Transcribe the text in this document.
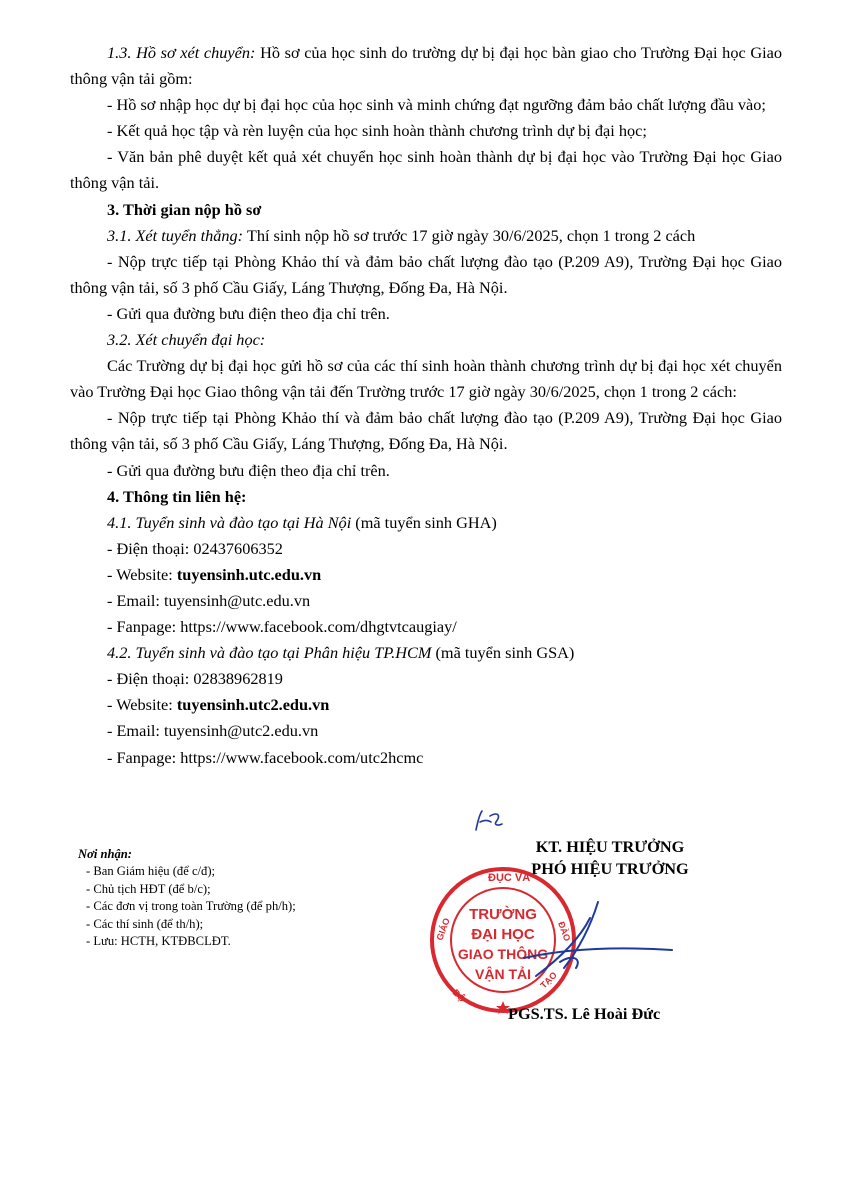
1.3. Hồ sơ xét chuyển: Hồ sơ của học sinh do trường dự bị đại học bàn giao cho Trường Đại học Giao thông vận tải gồm:

- Hồ sơ nhập học dự bị đại học của học sinh và minh chứng đạt ngưỡng đảm bảo chất lượng đầu vào;

- Kết quả học tập và rèn luyện của học sinh hoàn thành chương trình dự bị đại học;

- Văn bản phê duyệt kết quả xét chuyển học sinh hoàn thành dự bị đại học vào Trường Đại học Giao thông vận tải.

3. Thời gian nộp hồ sơ

3.1. Xét tuyển thẳng: Thí sinh nộp hồ sơ trước 17 giờ ngày 30/6/2025, chọn 1 trong 2 cách

- Nộp trực tiếp tại Phòng Khảo thí và đảm bảo chất lượng đào tạo (P.209 A9), Trường Đại học Giao thông vận tải, số 3 phố Cầu Giấy, Láng Thượng, Đống Đa, Hà Nội.

- Gửi qua đường bưu điện theo địa chỉ trên.

3.2. Xét chuyển đại học:

Các Trường dự bị đại học gửi hồ sơ của các thí sinh hoàn thành chương trình dự bị đại học xét chuyển vào Trường Đại học Giao thông vận tải đến Trường trước 17 giờ ngày 30/6/2025, chọn 1 trong 2 cách:

- Nộp trực tiếp tại Phòng Khảo thí và đảm bảo chất lượng đào tạo (P.209 A9), Trường Đại học Giao thông vận tải, số 3 phố Cầu Giấy, Láng Thượng, Đống Đa, Hà Nội.

- Gửi qua đường bưu điện theo địa chỉ trên.

4. Thông tin liên hệ:

4.1. Tuyển sinh và đào tạo tại Hà Nội (mã tuyển sinh GHA)

- Điện thoại: 02437606352

- Website: tuyensinh.utc.edu.vn

- Email: tuyensinh@utc.edu.vn

- Fanpage: https://www.facebook.com/dhgtvtcaugiay/

4.2. Tuyển sinh và đào tạo tại Phân hiệu TP.HCM (mã tuyển sinh GSA)

- Điện thoại: 02838962819

- Website: tuyensinh.utc2.edu.vn

- Email: tuyensinh@utc2.edu.vn

- Fanpage: https://www.facebook.com/utc2hcmc

Nơi nhận:
- Ban Giám hiệu (để c/đ);
- Chủ tịch HĐT (để b/c);
- Các đơn vị trong toàn Trường (để ph/h);
- Các thí sinh (để th/h);
- Lưu: HCTH, KTĐBCLĐT.
KT. HIỆU TRƯỞNG
PHÓ HIỆU TRƯỞNG
ĐỤC VÀ
GIÁO	ĐÀO
TRƯỜNG
ĐẠI HỌC
GIAO THÔNG
VẬN TẢI
BỘ
TẠO
PGS.TS. Lê Hoài Đức
